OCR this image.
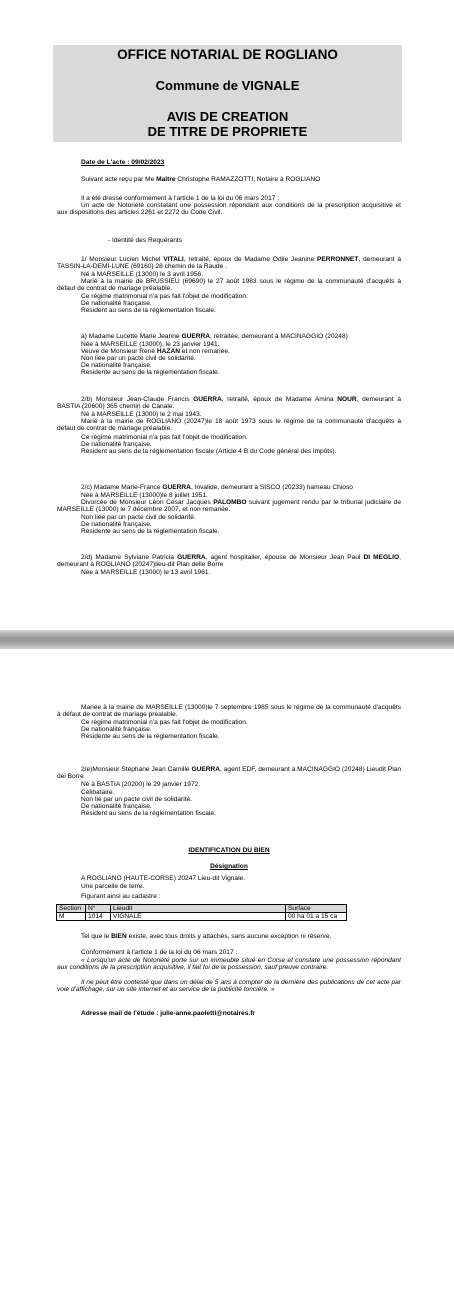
OFFICE NOTARIAL DE ROGLIANO
Commune de VIGNALE
AVIS DE CREATION
DE TITRE DE PROPRIETE
Date de L'acte : 09/02/2023
Suivant acte reçu par Me Maître Christophe RAMAZZOTTI, Notaire à ROGLIANO
Il a été dressé conformément à l'article 1 de la loi du 06 mars 2017 :
Un acte de Notoriété constatant une possession répondant aux conditions de la prescription acquisitive et aux dispositions des articles 2261 et 2272 du Code Civil.
- Identité des Requérants
1/ Monsieur Lucien Michel VITALI, retraité, époux de Madame Odile Jeanine PERRONNET, demeurant à TASSIN-LA-DEMI-LUNE (69160) 28 chemin de la Raude .
Né à MARSEILLE (13000) le 3 avril 1956.
Marié à la mairie de BRUSSIEU (69690) le 27 août 1983 sous le régime de la communauté d'acquêts à défaut de contrat de mariage préalable.
Ce régime matrimonial n'a pas fait l'objet de modification.
De nationalité française.
Résident au sens de la réglementation fiscale.
a) Madame Lucette Marie Jeanne GUERRA, retraitée, demeurant à MACINAGGIO (20248)
Née à MARSEILLE (13000), le 23 janvier 1941.
Veuve de Monsieur René HAZAN et non remariée.
Non liée par un pacte civil de solidarité.
De nationalité française.
Résidente au sens de la réglementation fiscale.
2/b) Monsieur Jean-Claude Francis GUERRA, retraité, époux de Madame Amina NOUR, demeurant à BASTIA (20600) 365 chemin de Canale.
Né à MARSEILLE (13000) le 2 mai 1943.
Marié à la mairie de ROGLIANO (20247)le 18 août 1973 sous le régime de la communauté d'acquêts à défaut de contrat de mariage préalable.
Ce régime matrimonial n'a pas fait l'objet de modification.
De nationalité française.
Résident au sens de la réglementation fiscale (Article 4 B du Code général des impôts).
2/c) Madame Marie-France GUERRA, Invalide, demeurant à SISCO (20233) hameau Chioso
Née à MARSEILLE (13000)le 8 juillet 1951.
Divorcée de Monsieur Léon César Jacques PALOMBO suivant jugement rendu par le tribunal judiciaire de MARSEILLE (13000) le 7 décembre 2007, et non remariée.
Non liée par un pacte civil de solidarité.
De nationalité française.
Résidente au sens de la réglementation fiscale.
2/d) Madame Sylviane Patricia GUERRA, agent hospitalier, épouse de Monsieur Jean Paul DI MEGLIO, demeurant à ROGLIANO (20247)lieu-dit Plan delle Borre
Née à MARSEILLE (13000) le 13 avril 1961.
Mariée à la mairie de MARSEILLE (13000)le 7 septembre 1985 sous le régime de la communauté d'acquêts à défaut de contrat de mariage préalable.
Ce régime matrimonial n'a pas fait l'objet de modification.
De nationalité française.
Résidente au sens de la réglementation fiscale.
2/e)Monsieur Stéphane Jean Camille GUERRA, agent EDF, demeurant à MACINAGGIO (20248) Lieudit Plan del Borre
Né à BASTIA (20200) le 29 janvier 1972.
Célibataire.
Non lié par un pacte civil de solidarité.
De nationalité française.
Résident au sens de la réglementation fiscale.
IDENTIFICATION DU BIEN
Désignation
A ROGLIANO (HAUTE-CORSE) 20247 Lieu-dit Vignale.
Une parcelle de terre.
Figurant ainsi au cadastre :
Section	N°	Lieudit	Surface
M	1014	VIGNALE	00 ha 01 a 15 ca
Tel que le BIEN existe, avec tous droits y attachés, sans aucune exception ni réserve.
Conformément à l'article 1 de la loi du 06 mars 2017 :
« Lorsqu'un acte de Notoriété porte sur un immeuble situé en Corse et constate une possession répondant aux conditions de la prescription acquisitive, il fait foi de la possession, sauf preuve contraire.
Il ne peut être contesté que dans un délai de 5 ans à compter de la dernière des publications de cet acte par voie d'affichage, sur un site internet et au service de la publicité foncière. »
Adresse mail de l'étude : julie-anne.paoletti@notaires.fr
